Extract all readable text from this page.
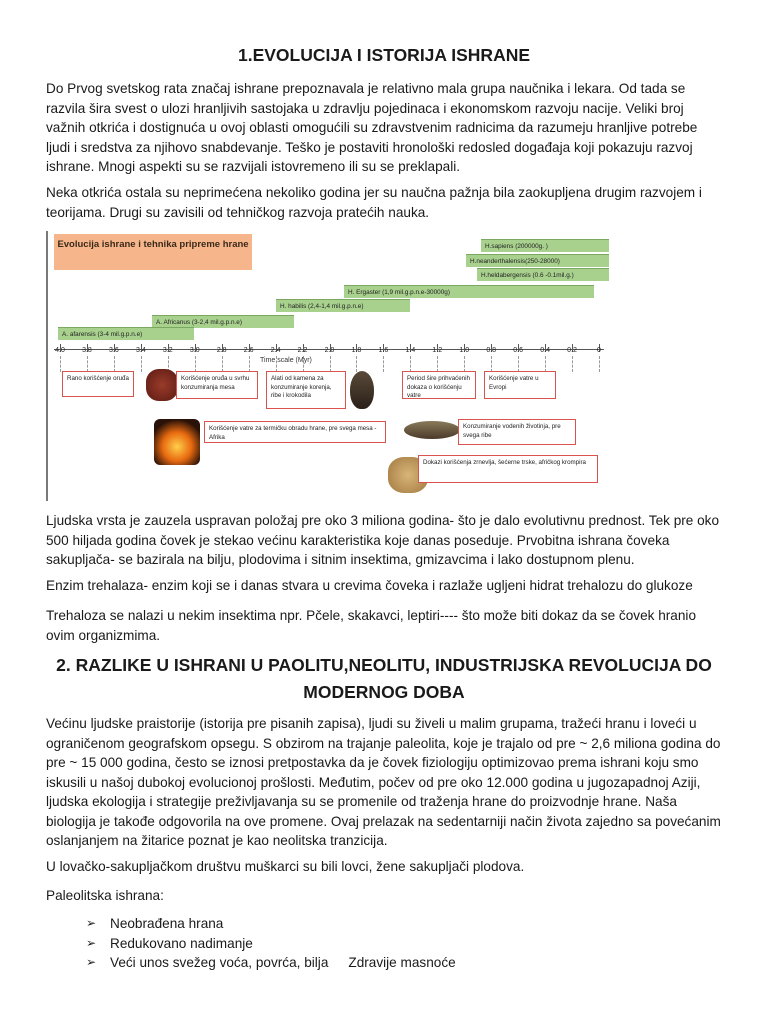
1.EVOLUCIJA I ISTORIJA ISHRANE

Do Prvog svetskog rata značaj ishrane prepoznavala je relativno mala grupa naučnika i lekara. Od tada se razvila šira svest o ulozi hranljivih sastojaka u zdravlju pojedinaca i ekonomskom razvoju nacije. Veliki broj važnih otkrića i dostignuća u ovoj oblasti omogućili su zdravstvenim radnicima da razumeju hranljive potrebe ljudi i sredstva za njihovo snabdevanje. Teško je postaviti hronološki redosled događaja koji pokazuju razvoj ishrane. Mnogi aspekti su se razvijali istovremeno ili su se preklapali.

Neka otkrića ostala su neprimećena nekoliko godina jer su naučna pažnja bila zaokupljena drugim razvojem i teorijama. Drugi su zavisili od tehničkog razvoja pratećih nauka.

Ljudska vrsta je zauzela uspravan položaj pre oko 3 miliona godina- što je dalo evolutivnu prednost. Tek pre oko 500 hiljada godina čovek je stekao većinu karakteristika koje danas poseduje. Prvobitna ishrana čoveka sakupljača- se bazirala na bilju, plodovima i sitnim insektima, gmizavcima i lako dostupnom plenu.

Enzim trehalaza- enzim koji se i danas stvara u crevima čoveka i razlaže ugljeni hidrat trehalozu do glukoze

Trehaloza se nalazi u nekim insektima npr. Pčele, skakavci, leptiri---- što može biti dokaz da se čovek hranio ovim organizmima.

2. RAZLIKE U ISHRANI U PAOLITU,NEOLITU, INDUSTRIJSKA REVOLUCIJA DO MODERNOG DOBA

Većinu ljudske praistorije (istorija pre pisanih zapisa), ljudi su živeli u malim grupama, tražeći hranu i loveći u ograničenom geografskom opsegu. S obzirom na trajanje paleolita, koje je trajalo od pre ~ 2,6 miliona godina do pre ~ 15 000 godina, često se iznosi pretpostavka da je čovek fiziologiju optimizovao prema ishrani koju smo iskusili u našoj dubokoj evolucionoj prošlosti. Međutim, počev od pre oko 12.000 godina u jugozapadnoj Aziji, ljudska ekologija i strategije preživljavanja su se promenile od traženja hrane do proizvodnje hrane. Naša biologija je takođe odgovorila na ove promene. Ovaj prelazak na sedentarniji način života zajedno sa povećanim oslanjanjem na žitarice poznat je kao neolitska tranzicija.

U lovačko-sakupljačkom društvu muškarci su bili lovci, žene sakupljači plodova.

Paleolitska ishrana:

➢ Neobrađena hrana
➢ Redukovano nadimanje
➢ Veći unos svežeg voća, povrća, bilja Zdravije masnoće
Evolucija ishrane i tehnika pripreme hrane	H.sapiens (200000g. )
H.neanderthalensis(250-28000)
H.heldabergensis (0.6 -0.1mil.g.)
H. Ergaster (1,9 mil.g.p.n.e-30000g)
H. habilis (2,4-1,4 mil.g.p.n.e)
A. Africanus (3-2,4 mil.g.p.n.e)
A. afarensis (3-4 mil.g.p.n.e)
4.0 3.8 3.6 3.4 3.2 3.0 2.8 2.6 2.4 2.2 2.0 1.8 1.6 1.4 1.2 1.0 0.8 0.6 0.4 0.2	0
Time scale (Myr)
Rano korišćenje oruđa	Korišćenje oruđa u svrhu konzumiranja mesa
Alati od kamena za konzumiranje korenja, ribe i krokodila
Period šire prihvaćenih dokaza o korišćenju vatre
Korišćenje vatre u Evropi
Korišćenje vatre za termičku obradu hrane, pre svega mesa - Afrika
Konzumiranje vodenih životinja, pre svega ribe
Dokazi korišćenja zrnevlja, šećerne trske, afričkog krompira
